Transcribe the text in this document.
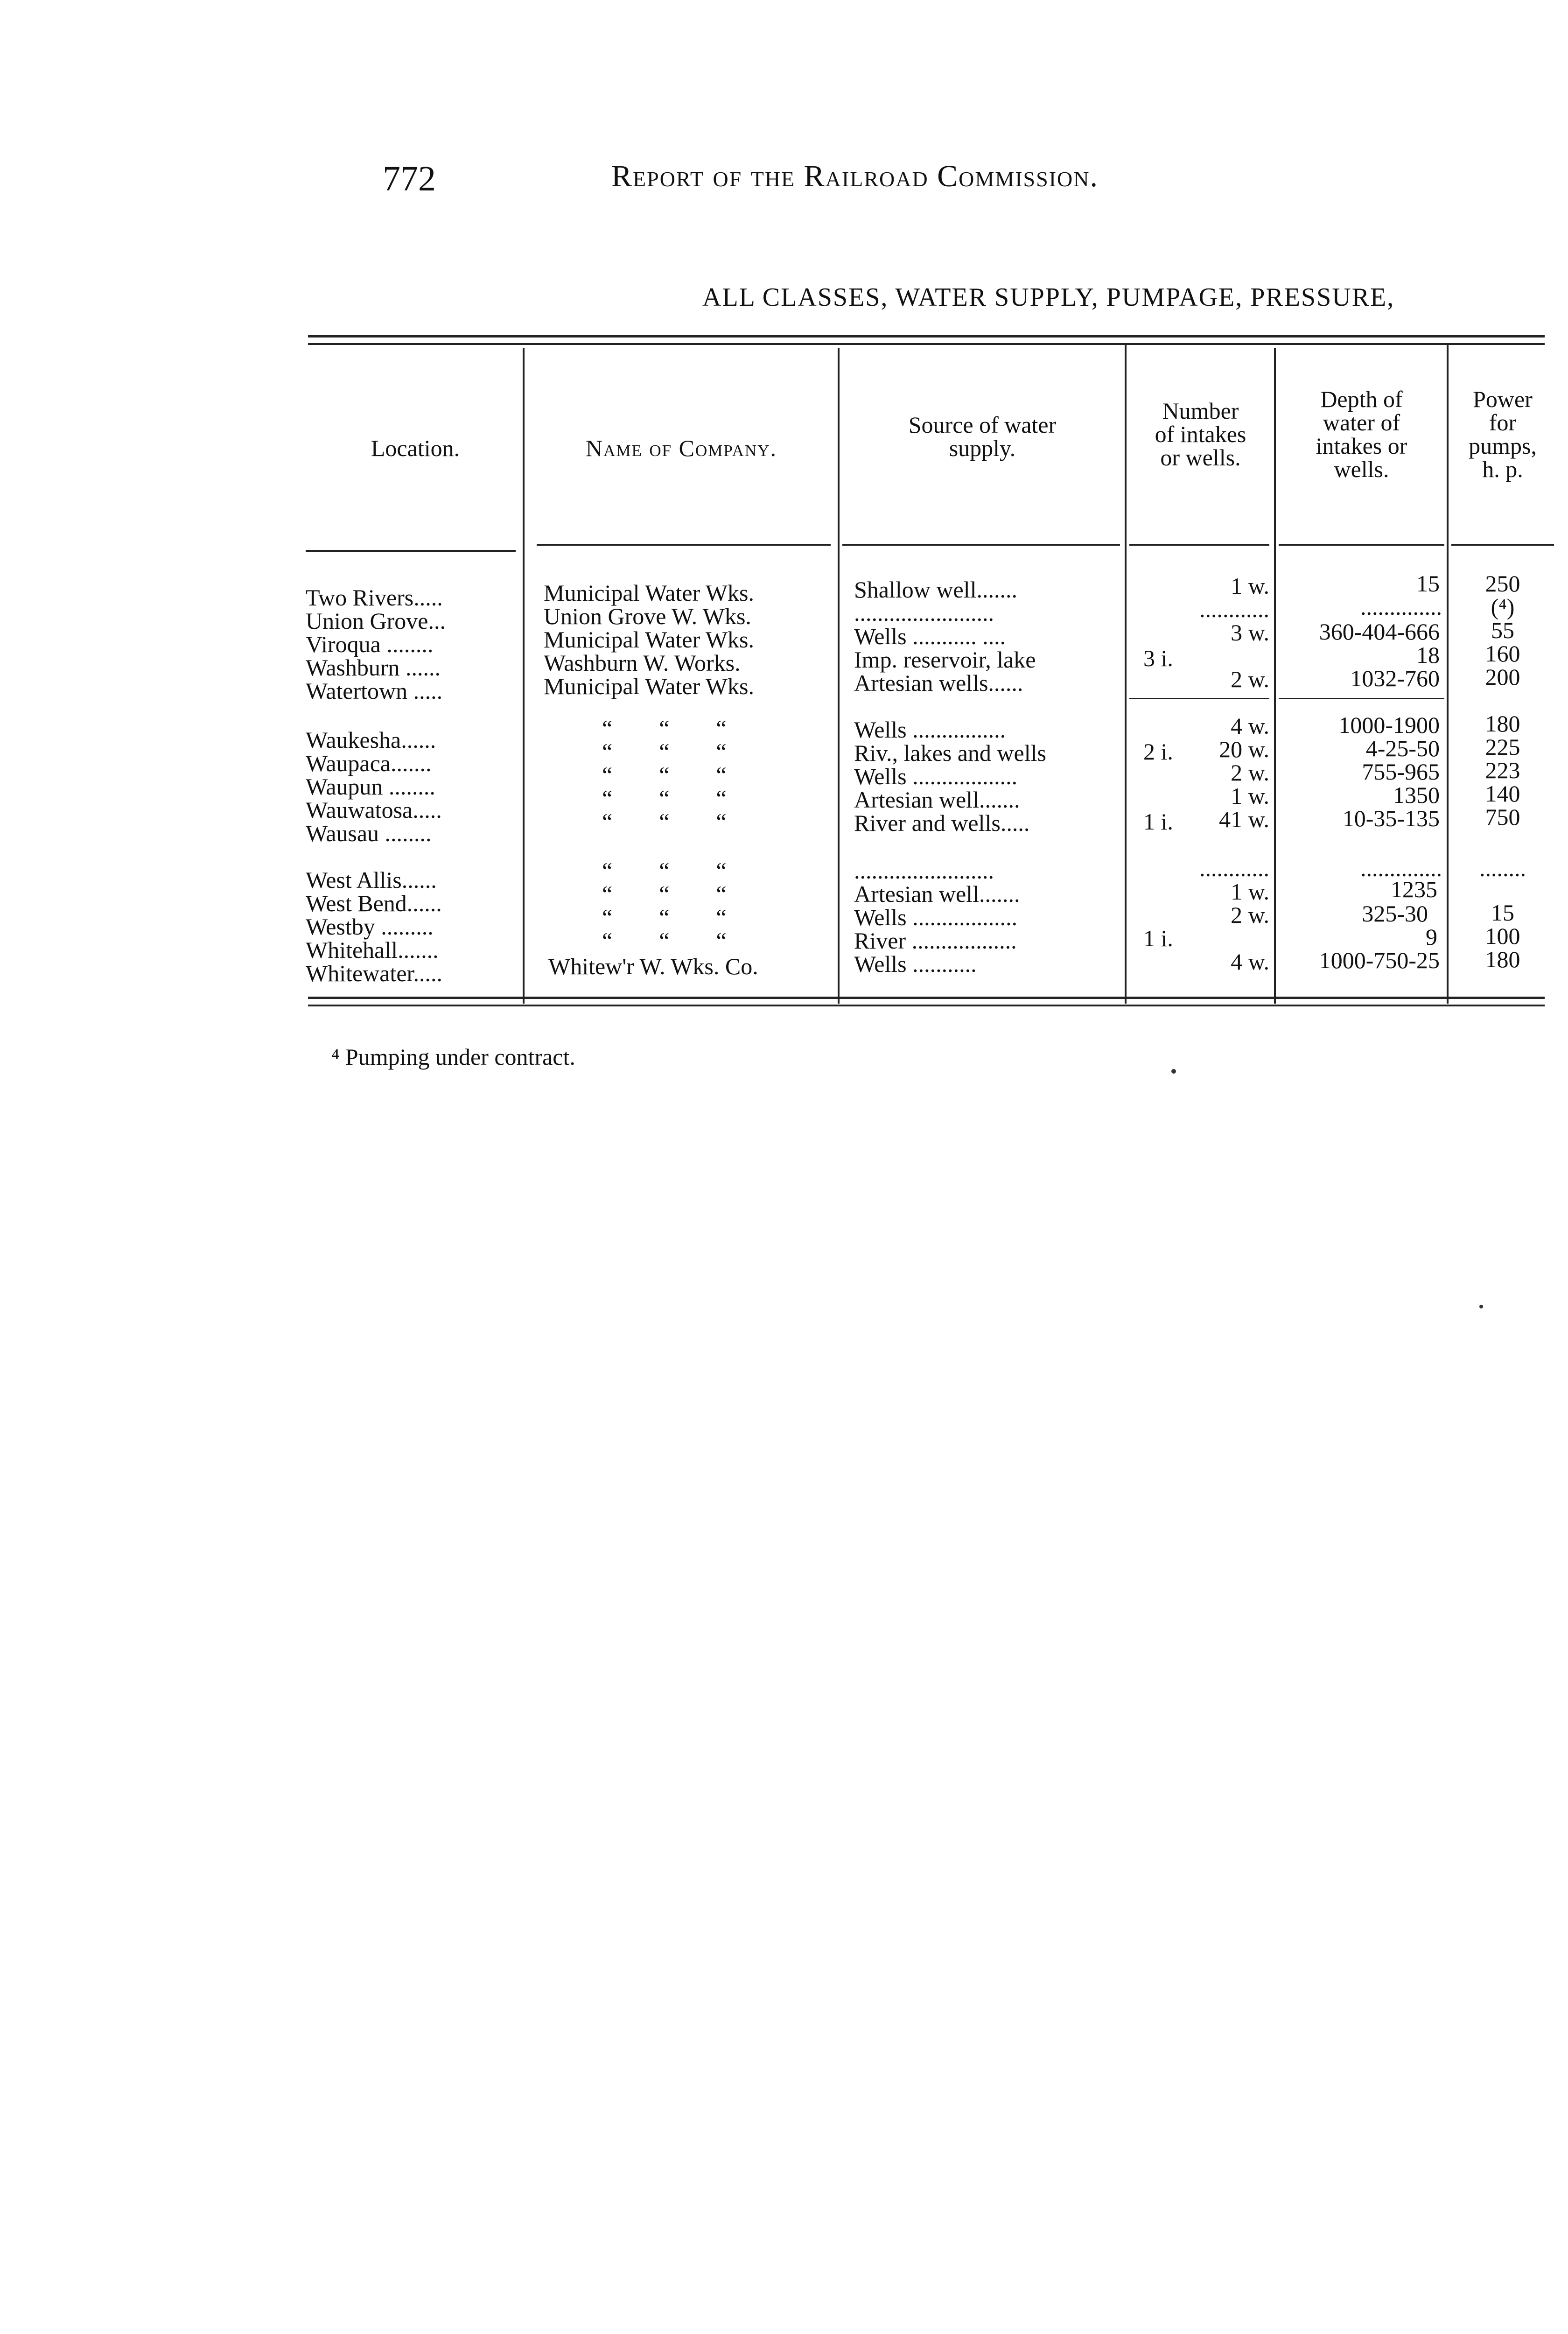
772	Report of the Railroad Commission.
ALL CLASSES, WATER SUPPLY, PUMPAGE, PRESSURE,
Location.	Name of Company.
Source of water
supply.
Number
of intakes
or wells.
Depth of
water of
intakes or
wells.
Power
for
pumps,
h. p.
Two Rivers.....	Municipal Water Wks.	Shallow well.......	1 w.	15	250
Union Grove...	Union Grove W. Wks.	........................	............	..............	(⁴)
Viroqua ........	Municipal Water Wks.	Wells ........... ....	3 w. 360-404-666	55
Washburn ......	Washburn W. Works.	Imp. reservoir, lake	3 i.	18	160
Watertown .....	Municipal Water Wks.	Artesian wells......	2 w.	1032-760	200
Waukesha......	“        “        “	Wells ................	4 w.	1000-1900	180
Waupaca.......	“        “        “	Riv., lakes and wells	2 i. 20 w.	4-25-50	225
Waupun ........	“        “        “	Wells ..................	2 w.	755-965	223
Wauwatosa.....	“        “        “	Artesian well.......	1 w.	1350	140
Wausau ........	“        “        “	River and wells.....	1 i. 41 w.	10-35-135	750
West Allis......	“        “        “	........................	............	..............	........
West Bend......	“        “        “	Artesian well.......	1 w.	1235
Westby .........	“        “        “	Wells ..................	2 w.	325-30	15
Whitehall.......	“        “        “	River ..................	1 i.	9	100
Whitewater.....	Whitew'r W. Wks. Co.	Wells ...........	4 w. 1000-750-25	180
⁴ Pumping under contract.
